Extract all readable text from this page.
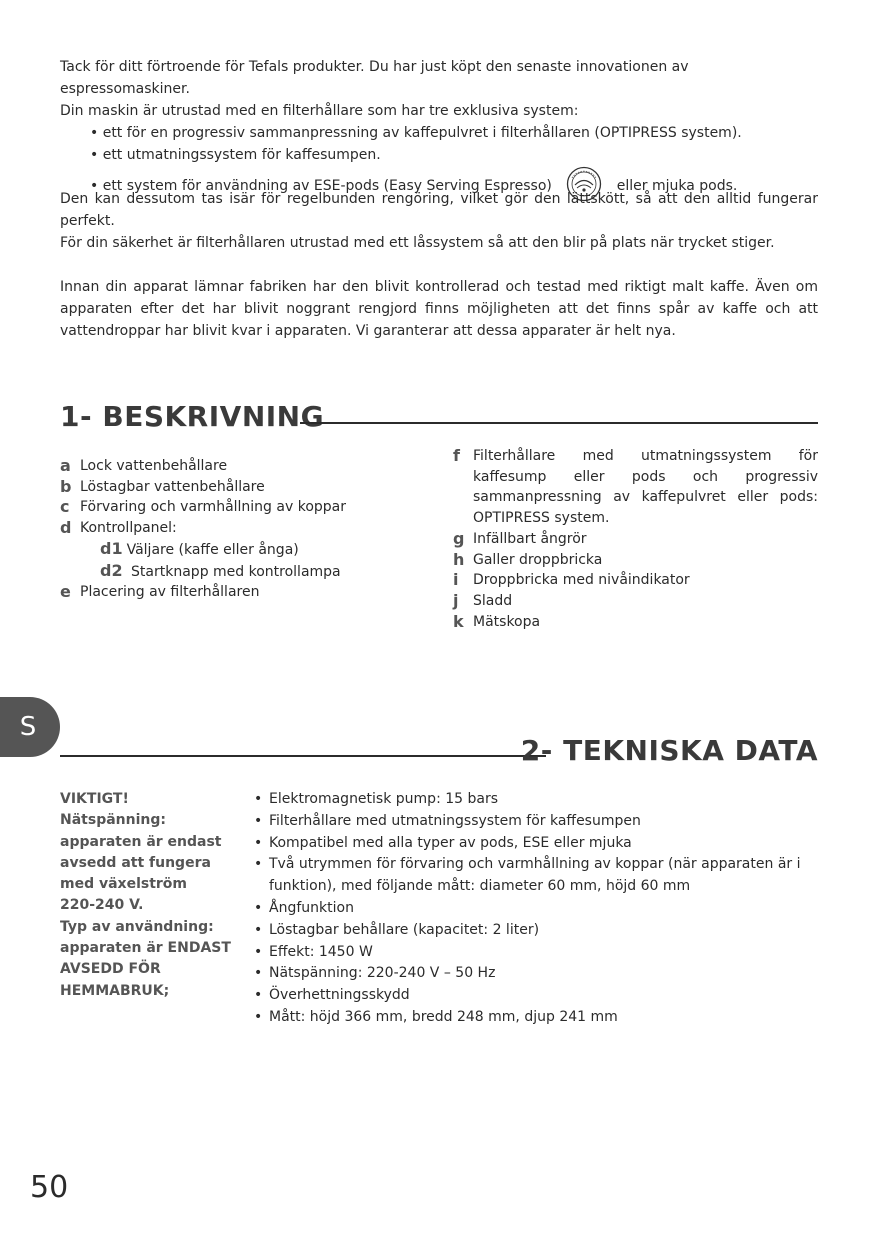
Tack för ditt förtroende för Tefals produkter. Du har just köpt den senaste innovationen av espressomaskiner.

Din maskin är utrustad med en filterhållare som har tre exklusiva system:

• ett för en progressiv sammanpressning av kaffepulvret i filterhållaren (OPTIPRESS system).

• ett utmatningssystem för kaffesumpen.

• ett system för användning av ESE-pods (Easy Serving Espresso)	eller mjuka pods.

Den kan dessutom tas isär för regelbunden rengöring, vilket gör den lättskött, så att den alltid fungerar perfekt.

För din säkerhet är filterhållaren utrustad med ett låssystem så att den blir på plats när trycket stiger.

Innan din apparat lämnar fabriken har den blivit kontrollerad och testad med riktigt malt kaffe. Även om apparaten efter det har blivit noggrant rengjord finns möjligheten att det finns spår av kaffe och att vattendroppar har blivit kvar i apparaten. Vi garanterar att dessa apparater är helt nya.

1- BESKRIVNING
a Lock vattenbehållare
b Löstagbar vattenbehållare
c Förvaring och varmhållning av koppar
d Kontrollpanel:
d1 Väljare (kaffe eller ånga)
d2 Startknapp med kontrollampa
e Placering av filterhållaren
f Filterhållare med utmatningssystem för kaffesump eller pods och progressiv sammanpressning av kaffepulvret eller pods: OPTIPRESS system.
g Infällbart ångrör
h Galler droppbricka
i	Droppbricka med nivåindikator
j	Sladd
k Mätskopa
S
2- TEKNISKA DATA
VIKTIGT!
Nätspänning:
apparaten är endast
avsedd att fungera
med växelström
220-240 V.
Typ av användning:
apparaten är ENDAST
AVSEDD FÖR
HEMMABRUK;
• Elektromagnetisk pump: 15 bars
• Filterhållare med utmatningssystem för kaffesumpen
• Kompatibel med alla typer av pods, ESE eller mjuka
• Två utrymmen för förvaring och varmhållning av koppar (när apparaten är i funktion), med följande mått: diameter 60 mm, höjd 60 mm
• Ångfunktion
• Löstagbar behållare (kapacitet: 2 liter)
• Effekt: 1450 W
• Nätspänning: 220-240 V – 50 Hz
• Överhettningsskydd
• Mått: höjd 366 mm, bredd 248 mm, djup 241 mm
50
